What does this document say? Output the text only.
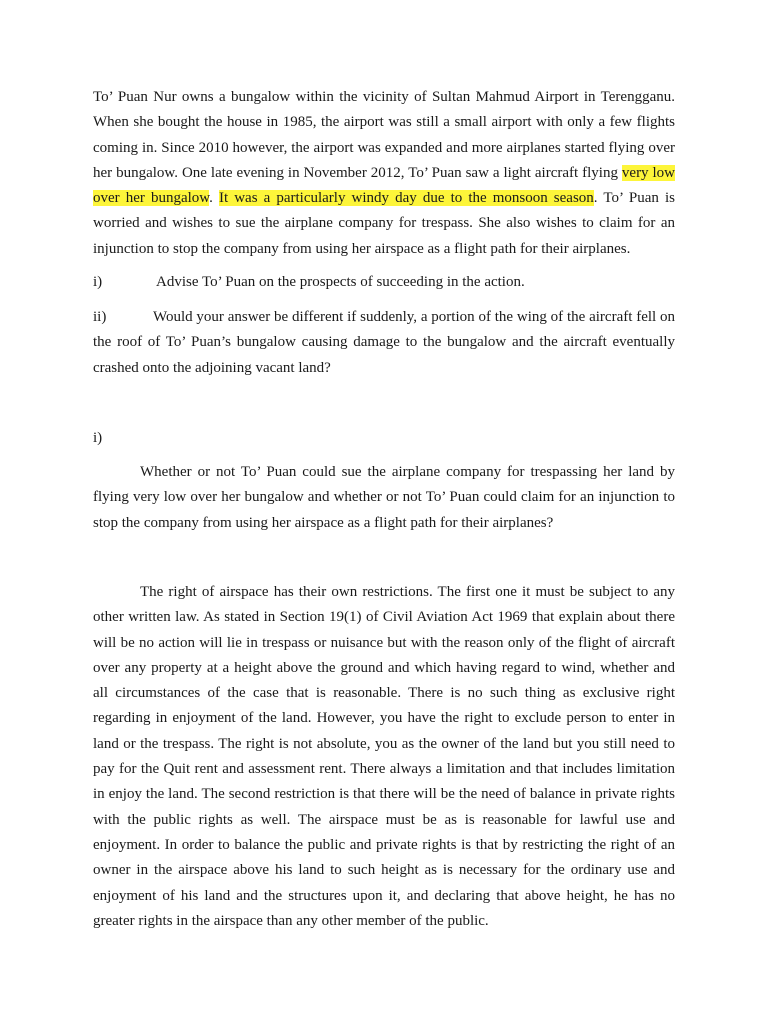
To’ Puan Nur owns a bungalow within the vicinity of Sultan Mahmud Airport in Terengganu. When she bought the house in 1985, the airport was still a small airport with only a few flights coming in. Since 2010 however, the airport was expanded and more airplanes started flying over her bungalow. One late evening in November 2012, To’ Puan saw a light aircraft flying very low over her bungalow. It was a particularly windy day due to the monsoon season. To’ Puan is worried and wishes to sue the airplane company for trespass. She also wishes to claim for an injunction to stop the company from using her airspace as a flight path for their airplanes.

i)	Advise To’ Puan on the prospects of succeeding in the action.

ii)	Would your answer be different if suddenly, a portion of the wing of the aircraft fell on the roof of To’ Puan’s bungalow causing damage to the bungalow and the aircraft eventually crashed onto the adjoining vacant land?

i)

Whether or not To’ Puan could sue the airplane company for trespassing her land by flying very low over her bungalow and whether or not To’ Puan could claim for an injunction to stop the company from using her airspace as a flight path for their airplanes?

The right of airspace has their own restrictions. The first one it must be subject to any other written law. As stated in Section 19(1) of Civil Aviation Act 1969 that explain about there will be no action will lie in trespass or nuisance but with the reason only of the flight of aircraft over any property at a height above the ground and which having regard to wind, whether and all circumstances of the case that is reasonable. There is no such thing as exclusive right regarding in enjoyment of the land. However, you have the right to exclude person to enter in land or the trespass. The right is not absolute, you as the owner of the land but you still need to pay for the Quit rent and assessment rent. There always a limitation and that includes limitation in enjoy the land. The second restriction is that there will be the need of balance in private rights with the public rights as well. The airspace must be as is reasonable for lawful use and enjoyment. In order to balance the public and private rights is that by restricting the right of an owner in the airspace above his land to such height as is necessary for the ordinary use and enjoyment of his land and the structures upon it, and declaring that above height, he has no greater rights in the airspace than any other member of the public.
